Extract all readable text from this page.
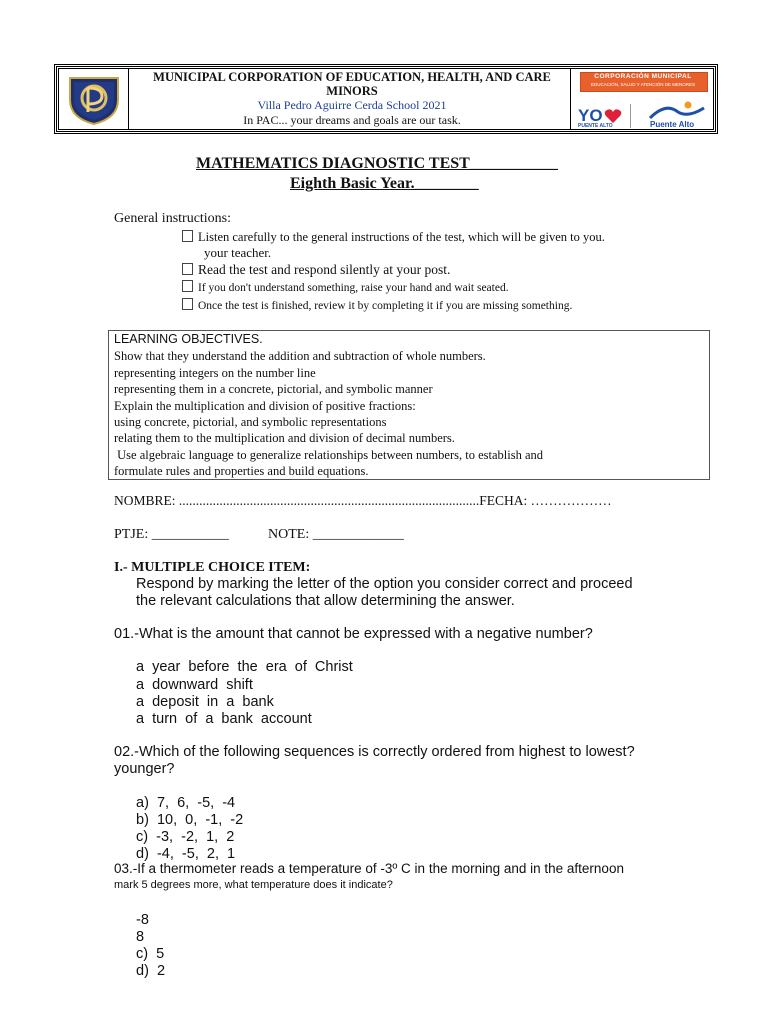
MUNICIPAL CORPORATION OF EDUCATION, HEALTH, AND CARE MINORS
Villa Pedro Aguirre Cerda School 2021
In PAC... your dreams and goals are our task.
CORPORACIÓN MUNICIPAL
EDUCACIÓN, SALUD Y ATENCIÓN DE MENORES
YO
PUENTE ALTO	Puente Alto
MATHEMATICS DIAGNOSTIC TEST___________
Eighth Basic Year.________
General instructions:
Listen carefully to the general instructions of the test, which will be given to you.
your teacher.
Read the test and respond silently at your post.
If you don't understand something, raise your hand and wait seated.
Once the test is finished, review it by completing it if you are missing something.
LEARNING OBJECTIVES.
Show that they understand the addition and subtraction of whole numbers.
representing integers on the number line
representing them in a concrete, pictorial, and symbolic manner
Explain the multiplication and division of positive fractions:
using concrete, pictorial, and symbolic representations
relating them to the multiplication and division of decimal numbers.
Use algebraic language to generalize relationships between numbers, to establish and
formulate rules and properties and build equations.
NOMBRE: .........................................................................................FECHA: ………………
PTJE: ___________	NOTE: _____________
I.- MULTIPLE CHOICE ITEM:
Respond by marking the letter of the option you consider correct and proceed
the relevant calculations that allow determining the answer.
01.-What is the amount that cannot be expressed with a negative number?
a  year  before  the  era  of  Christ
a  downward  shift
a  deposit  in  a  bank
a  turn  of  a  bank  account
02.-Which of the following sequences is correctly ordered from highest to lowest?
younger?
a)  7,  6,  -5,  -4
b)  10,  0,  -1,  -2
c)  -3,  -2,  1,  2
d)  -4,  -5,  2,  1
03.-If a thermometer reads a temperature of -3º C in the morning and in the afternoon
mark 5 degrees more, what temperature does it indicate?
-8
8
c)  5
d)  2
